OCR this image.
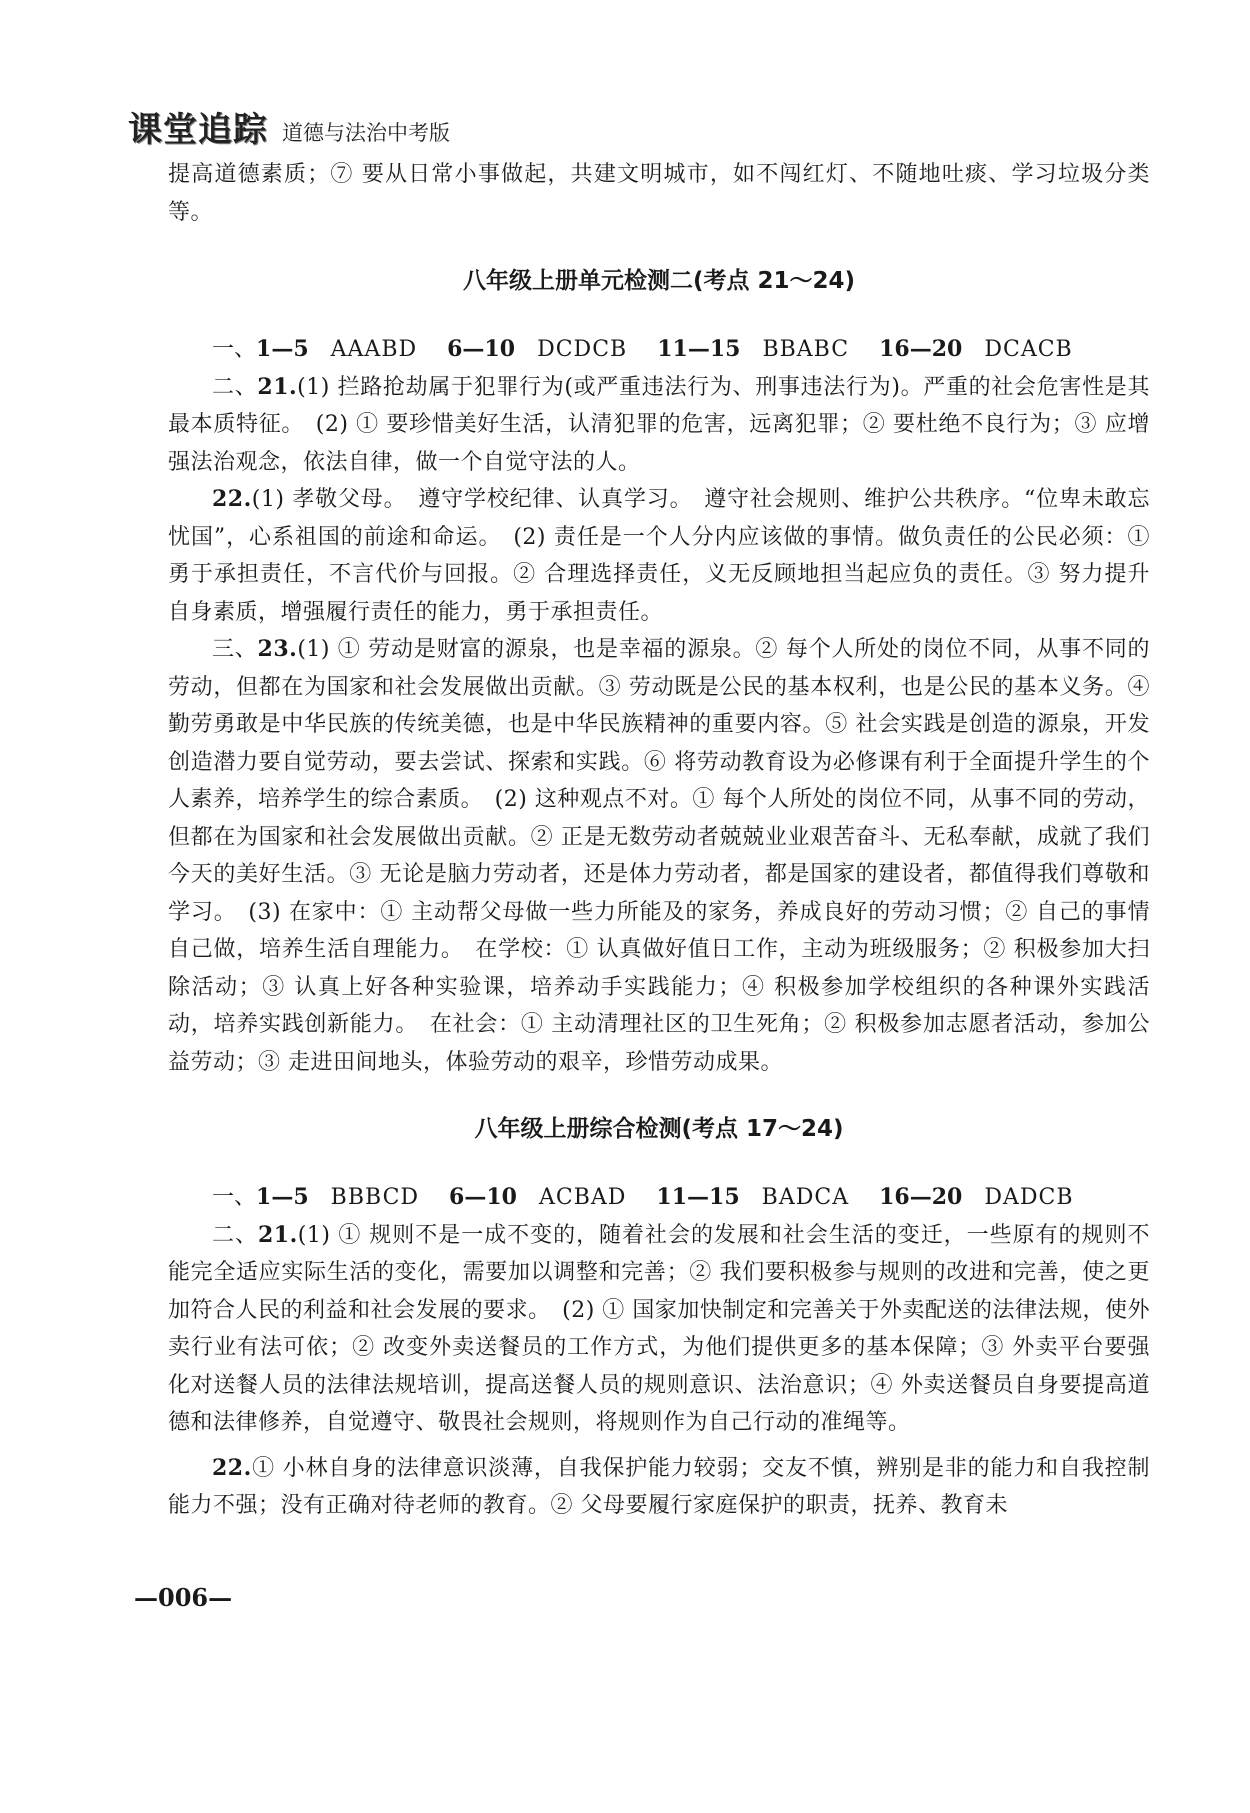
课堂追踪 道德与法治中考版

提高道德素质；⑦ 要从日常小事做起，共建文明城市，如不闯红灯、不随地吐痰、学习垃圾分类等。

八年级上册单元检测二(考点 21～24)

一、1—5　 AAABD 6—10　 DCDCB 11—15　 BBABC 16—20　 DCACB

二、21.(1) 拦路抢劫属于犯罪行为(或严重违法行为、刑事违法行为)。严重的社会危害性是其最本质特征。　(2) ① 要珍惜美好生活，认清犯罪的危害，远离犯罪；② 要杜绝不良行为；③ 应增强法治观念，依法自律，做一个自觉守法的人。

22.(1) 孝敬父母。　遵守学校纪律、认真学习。　遵守社会规则、维护公共秩序。“位卑未敢忘忧国”，心系祖国的前途和命运。　(2) 责任是一个人分内应该做的事情。做负责任的公民必须：① 勇于承担责任，不言代价与回报。② 合理选择责任，义无反顾地担当起应负的责任。③ 努力提升自身素质，增强履行责任的能力，勇于承担责任。

三、23.(1) ① 劳动是财富的源泉，也是幸福的源泉。② 每个人所处的岗位不同，从事不同的劳动，但都在为国家和社会发展做出贡献。③ 劳动既是公民的基本权利，也是公民的基本义务。④ 勤劳勇敢是中华民族的传统美德，也是中华民族精神的重要内容。⑤ 社会实践是创造的源泉，开发创造潜力要自觉劳动，要去尝试、探索和实践。⑥ 将劳动教育设为必修课有利于全面提升学生的个人素养，培养学生的综合素质。　(2) 这种观点不对。① 每个人所处的岗位不同，从事不同的劳动，但都在为国家和社会发展做出贡献。② 正是无数劳动者兢兢业业艰苦奋斗、无私奉献，成就了我们今天的美好生活。③ 无论是脑力劳动者，还是体力劳动者，都是国家的建设者，都值得我们尊敬和学习。　(3) 在家中：① 主动帮父母做一些力所能及的家务，养成良好的劳动习惯；② 自己的事情自己做，培养生活自理能力。　在学校：① 认真做好值日工作，主动为班级服务；② 积极参加大扫除活动；③ 认真上好各种实验课，培养动手实践能力；④ 积极参加学校组织的各种课外实践活动，培养实践创新能力。　在社会：① 主动清理社区的卫生死角；② 积极参加志愿者活动，参加公益劳动；③ 走进田间地头，体验劳动的艰辛，珍惜劳动成果。

八年级上册综合检测(考点 17～24)

一、1—5　 BBBCD 6—10　 ACBAD 11—15　 BADCA 16—20　 DADCB

二、21.(1) ① 规则不是一成不变的，随着社会的发展和社会生活的变迁，一些原有的规则不能完全适应实际生活的变化，需要加以调整和完善；② 我们要积极参与规则的改进和完善，使之更加符合人民的利益和社会发展的要求。　(2) ① 国家加快制定和完善关于外卖配送的法律法规，使外卖行业有法可依；② 改变外卖送餐员的工作方式，为他们提供更多的基本保障；③ 外卖平台要强化对送餐人员的法律法规培训，提高送餐人员的规则意识、法治意识；④ 外卖送餐员自身要提高道德和法律修养，自觉遵守、敬畏社会规则，将规则作为自己行动的准绳等。

22.① 小林自身的法律意识淡薄，自我保护能力较弱；交友不慎，辨别是非的能力和自我控制能力不强；没有正确对待老师的教育。② 父母要履行家庭保护的职责，抚养、教育未

—006—
